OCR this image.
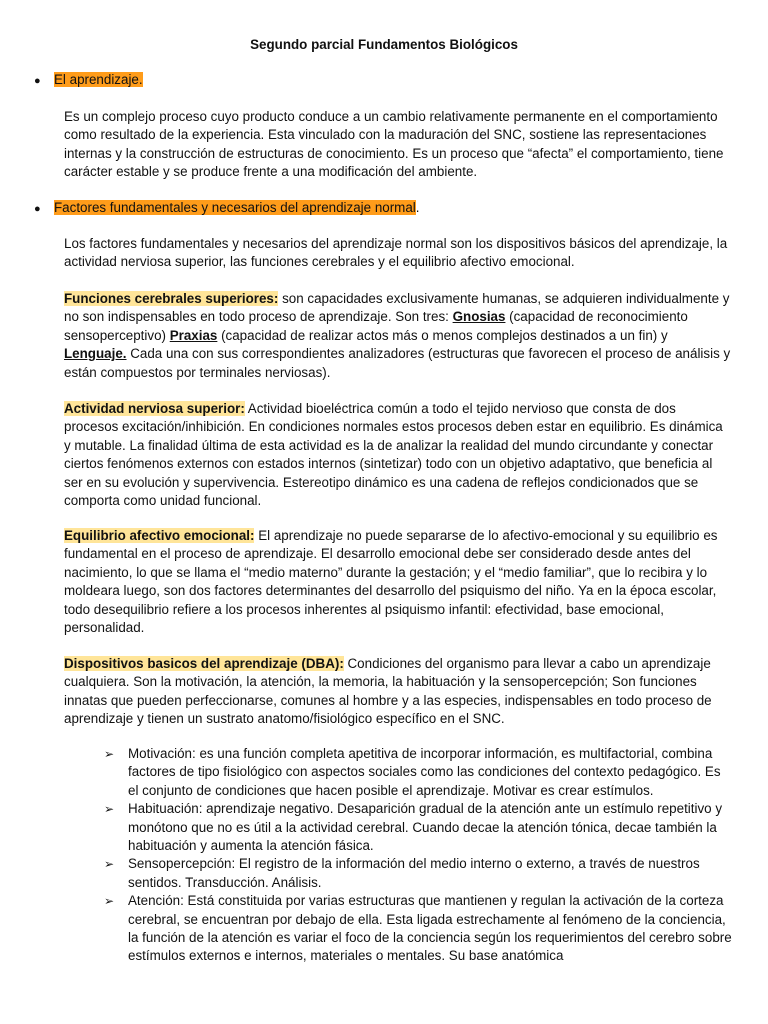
Segundo parcial Fundamentos Biológicos
● El aprendizaje.

Es un complejo proceso cuyo producto conduce a un cambio relativamente permanente en el comportamiento como resultado de la experiencia. Esta vinculado con la maduración del SNC, sostiene las representaciones internas y la construcción de estructuras de conocimiento. Es un proceso que “afecta” el comportamiento, tiene carácter estable y se produce frente a una modificación del ambiente.

● Factores fundamentales y necesarios del aprendizaje normal.

Los factores fundamentales y necesarios del aprendizaje normal son los dispositivos básicos del aprendizaje, la actividad nerviosa superior, las funciones cerebrales y el equilibrio afectivo emocional.

Funciones cerebrales superiores: son capacidades exclusivamente humanas, se adquieren individualmente y no son indispensables en todo proceso de aprendizaje. Son tres: Gnosias (capacidad de reconocimiento sensoperceptivo) Praxias (capacidad de realizar actos más o menos complejos destinados a un fin) y Lenguaje. Cada una con sus correspondientes analizadores (estructuras que favorecen el proceso de análisis y están compuestos por terminales nerviosas).

Actividad nerviosa superior: Actividad bioeléctrica común a todo el tejido nervioso que consta de dos procesos excitación/inhibición. En condiciones normales estos procesos deben estar en equilibrio. Es dinámica y mutable. La finalidad última de esta actividad es la de analizar la realidad del mundo circundante y conectar ciertos fenómenos externos con estados internos (sintetizar) todo con un objetivo adaptativo, que beneficia al ser en su evolución y supervivencia. Estereotipo dinámico es una cadena de reflejos condicionados que se comporta como unidad funcional.

Equilibrio afectivo emocional: El aprendizaje no puede separarse de lo afectivo-emocional y su equilibrio es fundamental en el proceso de aprendizaje. El desarrollo emocional debe ser considerado desde antes del nacimiento, lo que se llama el “medio materno” durante la gestación; y el “medio familiar”, que lo recibira y lo moldeara luego, son dos factores determinantes del desarrollo del psiquismo del niño. Ya en la época escolar, todo desequilibrio refiere a los procesos inherentes al psiquismo infantil: efectividad, base emocional, personalidad.

Dispositivos basicos del aprendizaje (DBA): Condiciones del organismo para llevar a cabo un aprendizaje cualquiera. Son la motivación, la atención, la memoria, la habituación y la sensopercepción; Son funciones innatas que pueden perfeccionarse, comunes al hombre y a las especies, indispensables en todo proceso de aprendizaje y tienen un sustrato anatomo/fisiológico específico en el SNC.

➢ Motivación: es una función completa apetitiva de incorporar información, es multifactorial, combina factores de tipo fisiológico con aspectos sociales como las condiciones del contexto pedagógico. Es el conjunto de condiciones que hacen posible el aprendizaje. Motivar es crear estímulos.
➢ Habituación: aprendizaje negativo. Desaparición gradual de la atención ante un estímulo repetitivo y monótono que no es útil a la actividad cerebral. Cuando decae la atención tónica, decae también la habituación y aumenta la atención fásica.
➢ Sensopercepción: El registro de la información del medio interno o externo, a través de nuestros sentidos. Transducción. Análisis.
➢ Atención: Está constituida por varias estructuras que mantienen y regulan la activación de la corteza cerebral, se encuentran por debajo de ella. Esta ligada estrechamente al fenómeno de la conciencia, la función de la atención es variar el foco de la conciencia según los requerimientos del cerebro sobre estímulos externos e internos, materiales o mentales. Su base anatómica
